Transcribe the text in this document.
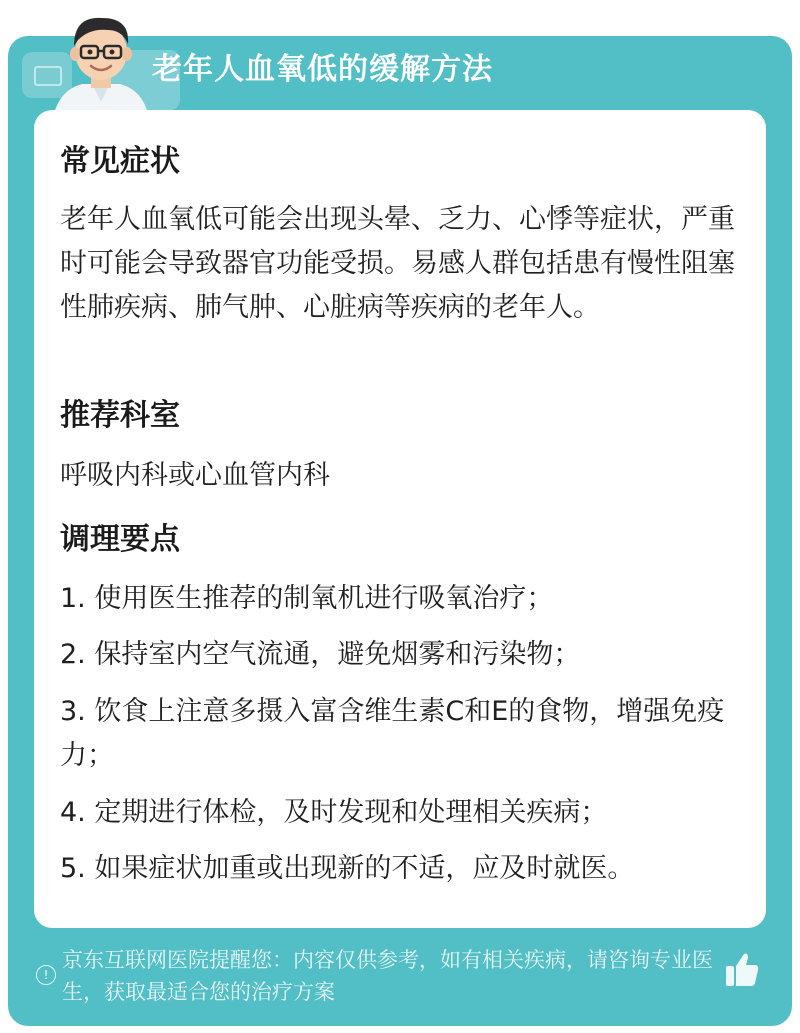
老年人血氧低的缓解方法
常见症状
老年人血氧低可能会出现头晕、乏力、心悸等症状，严重时可能会导致器官功能受损。易感人群包括患有慢性阻塞性肺疾病、肺气肿、心脏病等疾病的老年人。
推荐科室
呼吸内科或心血管内科
调理要点
1. 使用医生推荐的制氧机进行吸氧治疗；
2. 保持室内空气流通，避免烟雾和污染物；
3. 饮食上注意多摄入富含维生素C和E的食物，增强免疫力；
4. 定期进行体检，及时发现和处理相关疾病；
5. 如果症状加重或出现新的不适，应及时就医。
!
京东互联网医院提醒您：内容仅供参考，如有相关疾病，请咨询专业医生，获取最适合您的治疗方案
